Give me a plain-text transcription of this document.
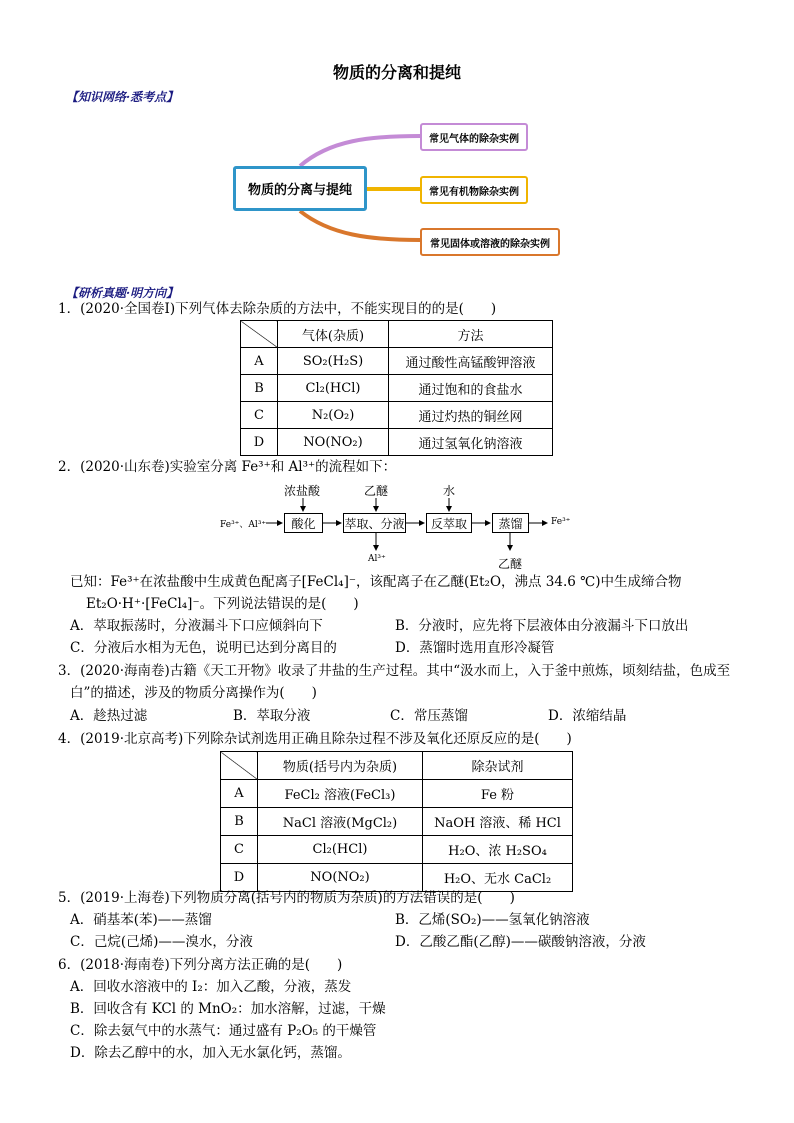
物质的分离和提纯
【知识网络·悉考点】
物质的分离与提纯
常见气体的除杂实例
常见有机物除杂实例
常见固体或溶液的除杂实例
【研析真题·明方向】
1．(2020·全国卷Ⅰ)下列气体去除杂质的方法中，不能实现目的的是(　　)
	气体(杂质)	方法
A	SO₂(H₂S)	通过酸性高锰酸钾溶液
B	Cl₂(HCl)	通过饱和的食盐水
C	N₂(O₂)	通过灼热的铜丝网
D	NO(NO₂)	通过氢氧化钠溶液
2．(2020·山东卷)实验室分离 Fe³⁺和 Al³⁺的流程如下：
浓盐酸	乙醚	水
Fe³⁺、Al³⁺	酸化	萃取、分液	反萃取	蒸馏	Fe³⁺
Al³⁺	乙醚
已知：Fe³⁺在浓盐酸中生成黄色配离子[FeCl₄]⁻，该配离子在乙醚(Et₂O，沸点 34.6 ℃)中生成缔合物
Et₂O·H⁺·[FeCl₄]⁻。下列说法错误的是(　　)
A．萃取振荡时，分液漏斗下口应倾斜向下	B．分液时，应先将下层液体由分液漏斗下口放出
C．分液后水相为无色，说明已达到分离目的	D．蒸馏时选用直形冷凝管
3．(2020·海南卷)古籍《天工开物》收录了井盐的生产过程。其中“汲水而上，入于釜中煎炼，顷刻结盐，色成至
白”的描述，涉及的物质分离操作为(　　)
A．趁热过滤	B．萃取分液	C．常压蒸馏	D．浓缩结晶
4．(2019·北京高考)下列除杂试剂选用正确且除杂过程不涉及氧化还原反应的是(　　)
	物质(括号内为杂质)	除杂试剂
A	FeCl₂ 溶液(FeCl₃)	Fe 粉
B	NaCl 溶液(MgCl₂)	NaOH 溶液、稀 HCl
C	Cl₂(HCl)	H₂O、浓 H₂SO₄
D	NO(NO₂)	H₂O、无水 CaCl₂
5．(2019·上海卷)下列物质分离(括号内的物质为杂质)的方法错误的是(　　)
A．硝基苯(苯)——蒸馏	B．乙烯(SO₂)——氢氧化钠溶液
C．己烷(己烯)——溴水，分液	D．乙酸乙酯(乙醇)——碳酸钠溶液，分液
6．(2018·海南卷)下列分离方法正确的是(　　)
A．回收水溶液中的 I₂：加入乙酸，分液，蒸发
B．回收含有 KCl 的 MnO₂：加水溶解，过滤，干燥
C．除去氨气中的水蒸气：通过盛有 P₂O₅ 的干燥管
D．除去乙醇中的水，加入无水氯化钙，蒸馏。
